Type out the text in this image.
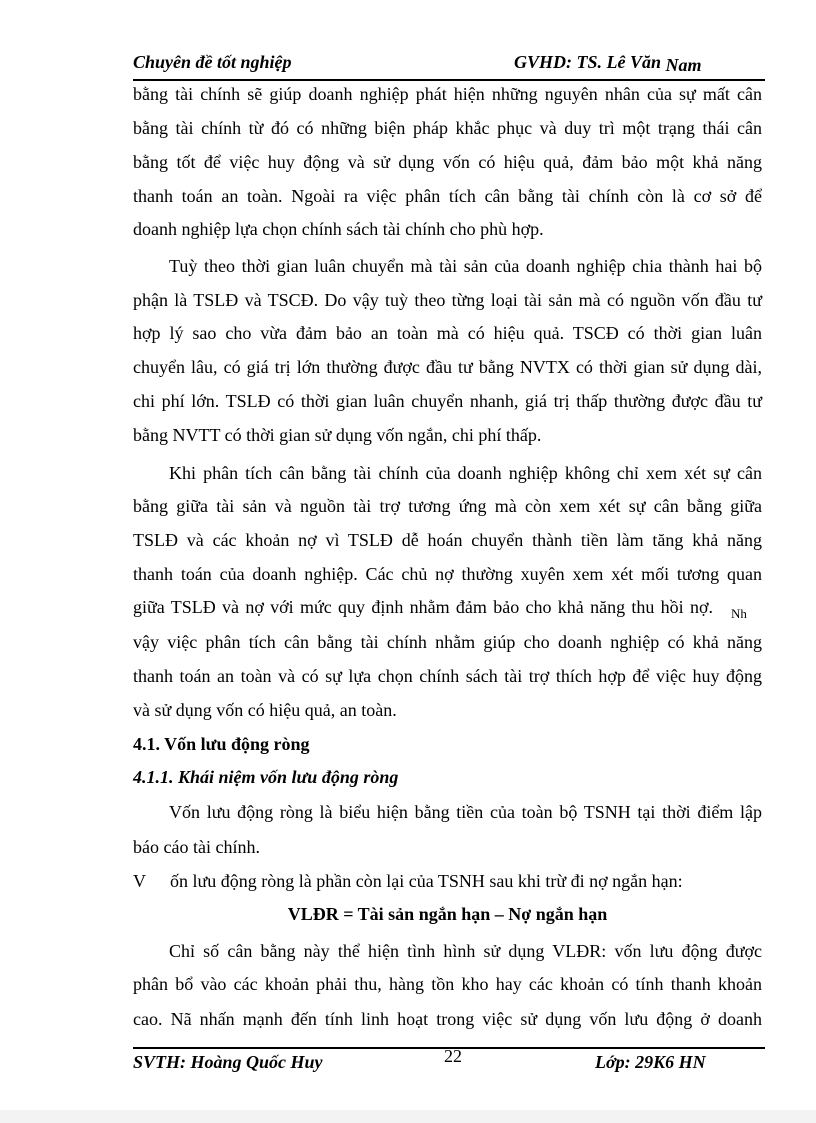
Chuyên đề tốt nghiệp	GVHD: TS. Lê Văn Nam
bằng tài chính sẽ giúp doanh nghiệp phát hiện những nguyên nhân của sự mất cân
bằng tài chính từ đó có những biện pháp khắc phục và duy trì một trạng thái cân
bằng tốt để việc huy động và sử dụng vốn có hiệu quả, đảm bảo một khả năng
thanh toán an toàn. Ngoài ra việc phân tích cân bằng tài chính còn là cơ sở để
doanh nghiệp lựa chọn chính sách tài chính cho phù hợp.
Tuỳ theo thời gian luân chuyển mà tài sản của doanh nghiệp chia thành hai bộ
phận là TSLĐ và TSCĐ. Do vậy tuỳ theo từng loại tài sản mà có nguồn vốn đầu tư
hợp lý sao cho vừa đảm bảo an toàn mà có hiệu quả. TSCĐ có thời gian luân
chuyển lâu, có giá trị lớn thường được đầu tư bằng NVTX có thời gian sử dụng dài,
chi phí lớn. TSLĐ có thời gian luân chuyển nhanh, giá trị thấp thường được đầu tư
bằng NVTT có thời gian sử dụng vốn ngắn, chi phí thấp.
Khi phân tích cân bằng tài chính của doanh nghiệp không chỉ xem xét sự cân
bằng giữa tài sản và nguồn tài trợ tương ứng mà còn xem xét sự cân bằng giữa
TSLĐ và các khoản nợ vì TSLĐ dễ hoán chuyển thành tiền làm tăng khả năng
thanh toán của doanh nghiệp. Các chủ nợ thường xuyên xem xét mối tương quan
giữa TSLĐ và nợ với mức quy định nhằm đảm bảo cho khả năng thu hồi nợ. Nh
vậy việc phân tích cân bằng tài chính nhằm giúp cho doanh nghiệp có khả năng
thanh toán an toàn và có sự lựa chọn chính sách tài trợ thích hợp để việc huy động
và sử dụng vốn có hiệu quả, an toàn.
4.1. Vốn lưu động ròng
4.1.1. Khái niệm vốn lưu động ròng
Vốn lưu động ròng là biểu hiện bằng tiền của toàn bộ TSNH tại thời điểm lập
báo cáo tài chính.
V ốn lưu động ròng là phần còn lại của TSNH sau khi trừ đi nợ ngắn hạn:
VLĐR = Tài sản ngắn hạn – Nợ ngắn hạn
Chỉ số cân bằng này thể hiện tình hình sử dụng VLĐR: vốn lưu động được
phân bổ vào các khoản phải thu, hàng tồn kho hay các khoản có tính thanh khoản
cao. Nã nhấn mạnh đến tính linh hoạt trong việc sử dụng vốn lưu động ở doanh
SVTH: Hoàng Quốc Huy	22	Lớp: 29K6 HN
